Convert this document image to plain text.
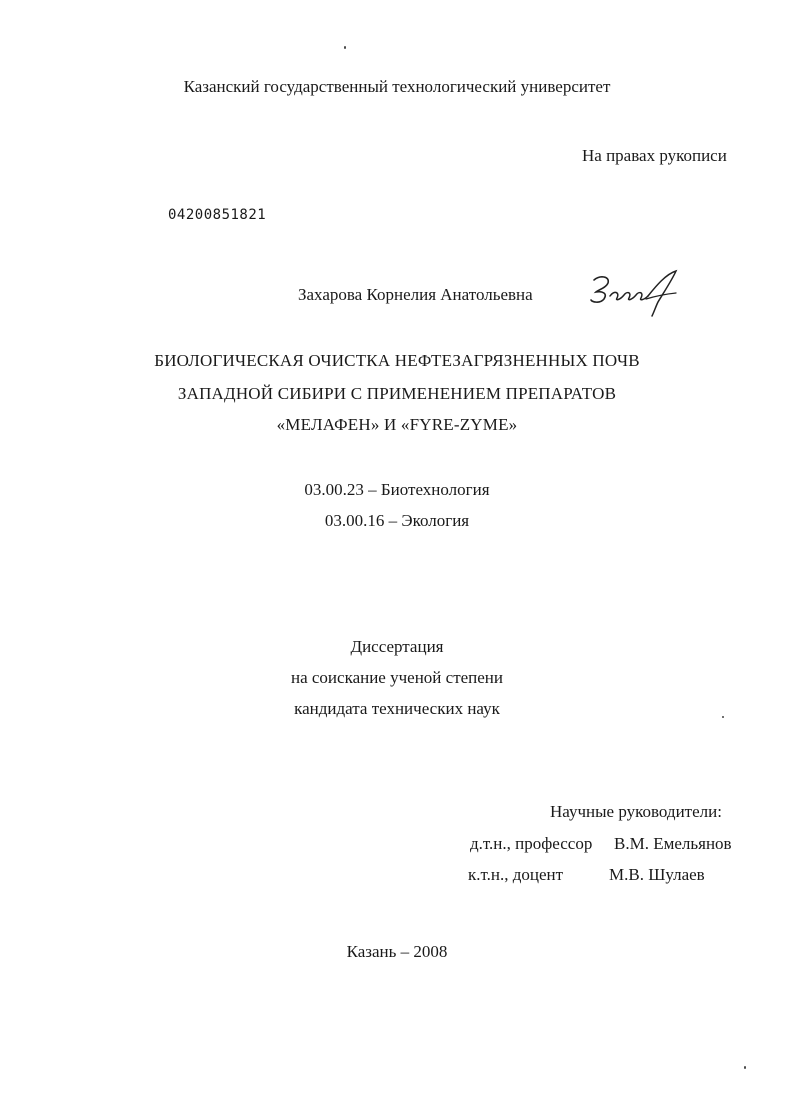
Казанский государственный технологический университет
На правах рукописи
04200851821
Захарова Корнелия Анатольевна
БИОЛОГИЧЕСКАЯ ОЧИСТКА НЕФТЕЗАГРЯЗНЕННЫХ ПОЧВ
ЗАПАДНОЙ СИБИРИ С ПРИМЕНЕНИЕМ ПРЕПАРАТОВ
«МЕЛАФЕН» И «FYRE-ZYME»
03.00.23 – Биотехнология
03.00.16 – Экология
Диссертация
на соискание ученой степени
кандидата технических наук
Научные руководители:
д.т.н., профессор В.М. Емельянов
к.т.н., доцент	М.В. Шулаев
Казань – 2008
